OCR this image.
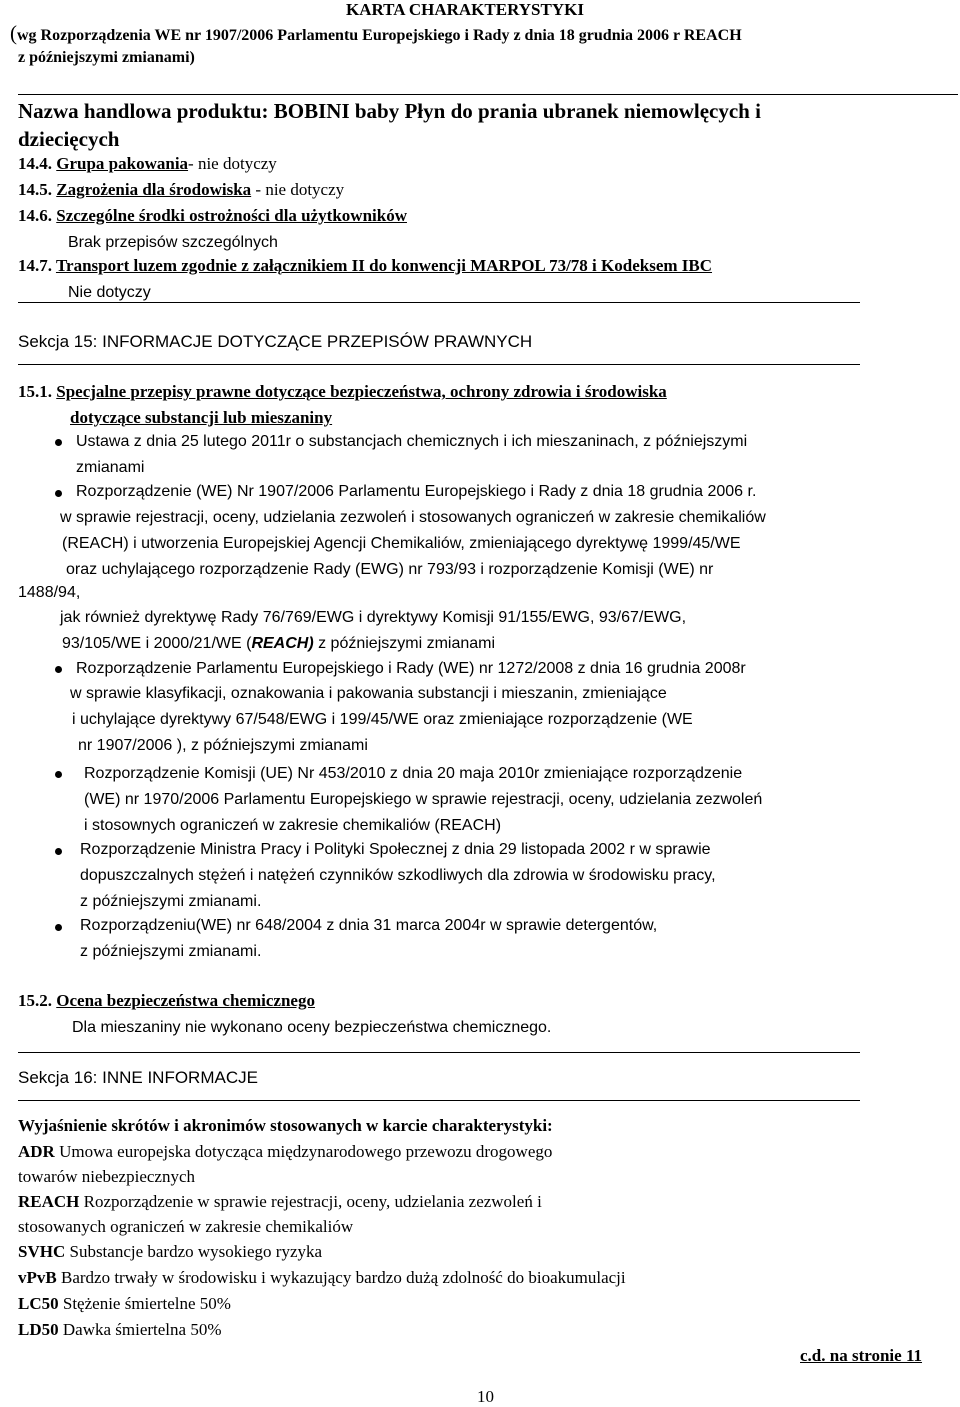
KARTA CHARAKTERYSTYKI
(wg Rozporządzenia WE nr 1907/2006 Parlamentu Europejskiego i Rady z dnia 18 grudnia 2006 r REACH
z późniejszymi zmianami)
Nazwa handlowa produktu: BOBINI baby Płyn do prania ubranek niemowlęcych i
dziecięcych
14.4. Grupa pakowania- nie dotyczy
14.5. Zagrożenia dla środowiska - nie dotyczy
14.6. Szczególne środki ostrożności dla użytkowników
Brak przepisów szczególnych
14.7. Transport luzem zgodnie z załącznikiem II do konwencji MARPOL 73/78 i Kodeksem IBC
Nie dotyczy
Sekcja 15: INFORMACJE DOTYCZĄCE PRZEPISÓW PRAWNYCH
15.1. Specjalne przepisy prawne dotyczące bezpieczeństwa, ochrony zdrowia i środowiska
dotyczące substancji lub mieszaniny
Ustawa z dnia 25 lutego 2011r o substancjach chemicznych i ich mieszaninach, z późniejszymi
zmianami
Rozporządzenie (WE) Nr 1907/2006 Parlamentu Europejskiego i Rady z dnia 18 grudnia 2006 r.
w sprawie rejestracji, oceny, udzielania zezwoleń i stosowanych ograniczeń w zakresie chemikaliów
(REACH) i utworzenia Europejskiej Agencji Chemikaliów, zmieniającego dyrektywę 1999/45/WE
oraz uchylającego rozporządzenie Rady (EWG) nr 793/93 i rozporządzenie Komisji (WE) nr
1488/94,
jak również dyrektywę Rady 76/769/EWG i dyrektywy Komisji 91/155/EWG, 93/67/EWG,
93/105/WE i 2000/21/WE (REACH) z późniejszymi zmianami
Rozporządzenie Parlamentu Europejskiego i Rady (WE) nr 1272/2008 z dnia 16 grudnia 2008r
w sprawie klasyfikacji, oznakowania i pakowania substancji i mieszanin, zmieniające
i uchylające dyrektywy 67/548/EWG i 199/45/WE oraz zmieniające rozporządzenie (WE
nr 1907/2006 ), z późniejszymi zmianami
Rozporządzenie Komisji (UE) Nr 453/2010 z dnia 20 maja 2010r zmieniające rozporządzenie
(WE) nr 1970/2006 Parlamentu Europejskiego w sprawie rejestracji, oceny, udzielania zezwoleń
i stosownych ograniczeń w zakresie chemikaliów (REACH)
Rozporządzenie Ministra Pracy i Polityki Społecznej z dnia 29 listopada 2002 r w sprawie
dopuszczalnych stężeń i natężeń czynników szkodliwych dla zdrowia w środowisku pracy,
z późniejszymi zmianami.
Rozporządzeniu(WE) nr 648/2004 z dnia 31 marca 2004r w sprawie detergentów,
z późniejszymi zmianami.
15.2. Ocena bezpieczeństwa chemicznego
Dla mieszaniny nie wykonano oceny bezpieczeństwa chemicznego.
Sekcja 16: INNE INFORMACJE
Wyjaśnienie skrótów i akronimów stosowanych w karcie charakterystyki:
ADR Umowa europejska dotycząca międzynarodowego przewozu drogowego
towarów niebezpiecznych
REACH Rozporządzenie w sprawie rejestracji, oceny, udzielania zezwoleń i
stosowanych ograniczeń w zakresie chemikaliów
SVHC Substancje bardzo wysokiego ryzyka
vPvB Bardzo trwały w środowisku i wykazujący bardzo dużą zdolność do bioakumulacji
LC50 Stężenie śmiertelne 50%
LD50 Dawka śmiertelna 50%
c.d. na stronie 11
10
